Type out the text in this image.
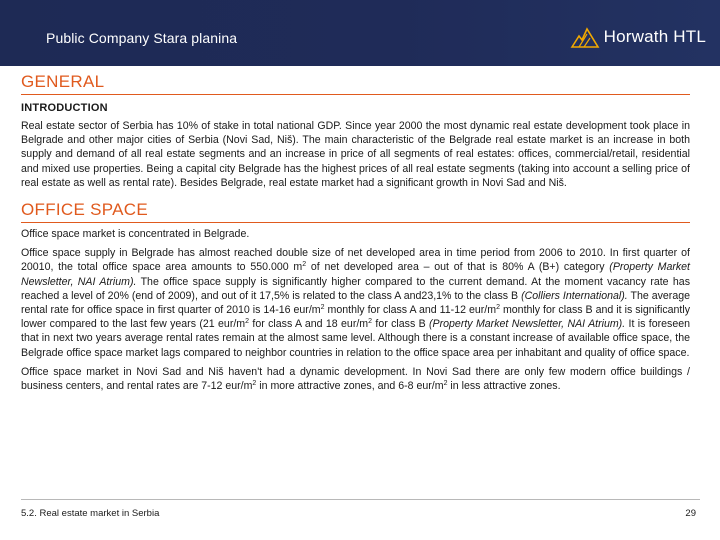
Public Company Stara planina	Horwath HTL
GENERAL
INTRODUCTION

Real estate sector of Serbia has 10% of stake in total national GDP. Since year 2000 the most dynamic real estate development took place in Belgrade and other major cities of Serbia (Novi Sad, Niš). The main characteristic of the Belgrade real estate market is an increase in both supply and demand of all real estate segments and an increase in price of all segments of real estates: offices, commercial/retail, residential and mixed use properties. Being a capital city Belgrade has the highest prices of all real estate segments (taking into account a selling price of real estate as well as rental rate). Besides Belgrade, real estate market had a significant growth in Novi Sad and Niš.

OFFICE SPACE

Office space market is concentrated in Belgrade.

Office space supply in Belgrade has almost reached double size of net developed area in time period from 2006 to 2010. In first quarter of 20010, the total office space area amounts to 550.000 $m^2$ of net developed area – out of that is 80% A (B+) category (Property Market Newsletter, NAI Atrium). The office space supply is significantly higher compared to the current demand. At the moment vacancy rate has reached a level of 20% (end of 2009), and out of it 17,5% is related to the class A and23,1% to the class B (Colliers International). The average rental rate for office space in first quarter of 2010 is 14-16 eur/$m^2$ monthly for class A and 11-12 eur/$m^2$ monthly for class B and it is significantly lower compared to the last few years (21 eur/$m^2$ for class A and 18 eur/$m^2$ for class B (Property Market Newsletter, NAI Atrium). It is foreseen that in next two years average rental rates remain at the almost same level. Although there is a constant increase of available office space, the Belgrade office space market lags compared to neighbor countries in relation to the office space area per inhabitant and quality of office space.

Office space market in Novi Sad and Niš haven't had a dynamic development. In Novi Sad there are only few modern office buildings / business centers, and rental rates are 7-12 eur/$m^2$ in more attractive zones, and 6-8 eur/$m^2$ in less attractive zones.

5.2. Real estate market in Serbia	29
